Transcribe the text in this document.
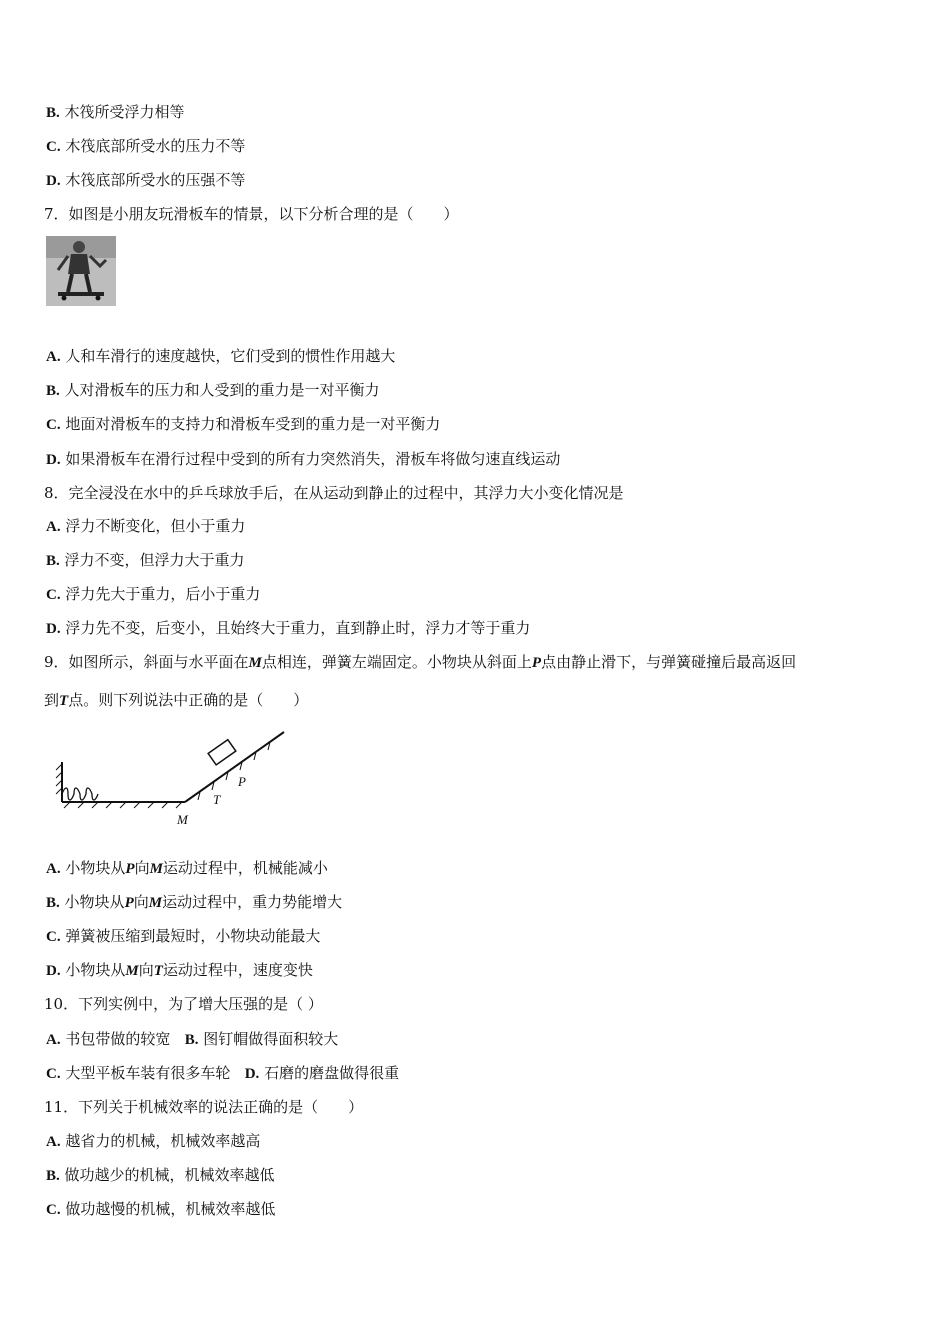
B. 木筏所受浮力相等
C. 木筏底部所受水的压力不等
D. 木筏底部所受水的压强不等
7．如图是小朋友玩滑板车的情景，以下分析合理的是（　　）
A. 人和车滑行的速度越快，它们受到的惯性作用越大
B. 人对滑板车的压力和人受到的重力是一对平衡力
C. 地面对滑板车的支持力和滑板车受到的重力是一对平衡力
D. 如果滑板车在滑行过程中受到的所有力突然消失，滑板车将做匀速直线运动
8．完全浸没在水中的乒乓球放手后，在从运动到静止的过程中，其浮力大小变化情况是
A. 浮力不断变化，但小于重力
B. 浮力不变，但浮力大于重力
C. 浮力先大于重力，后小于重力
D. 浮力先不变，后变小，且始终大于重力，直到静止时，浮力才等于重力
9．如图所示，斜面与水平面在M点相连，弹簧左端固定。小物块从斜面上P点由静止滑下，与弹簧碰撞后最高返回
到T点。则下列说法中正确的是（　　）
P
T
M
A. 小物块从P向M运动过程中，机械能减小
B. 小物块从P向M运动过程中，重力势能增大
C. 弹簧被压缩到最短时，小物块动能最大
D. 小物块从M向T运动过程中，速度变快
10．下列实例中，为了增大压强的是（ ）
A. 书包带做的较宽 B. 图钉帽做得面积较大
C. 大型平板车装有很多车轮 D. 石磨的磨盘做得很重
11．下列关于机械效率的说法正确的是（　　）
A. 越省力的机械，机械效率越高
B. 做功越少的机械，机械效率越低
C. 做功越慢的机械，机械效率越低
